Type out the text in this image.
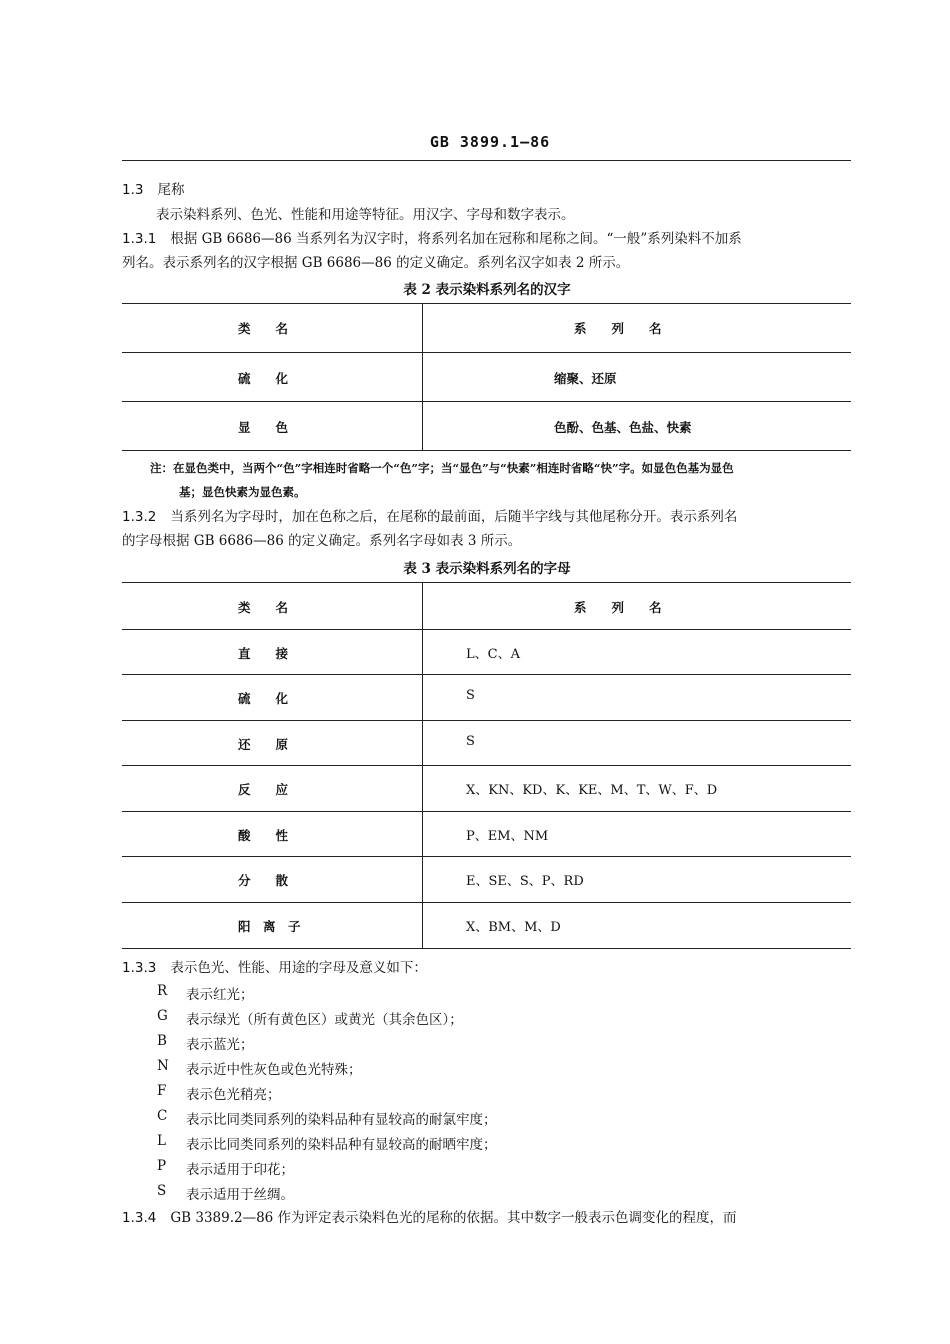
GB 3899.1—86
1.3 尾称
表示染料系列、色光、性能和用途等特征。用汉字、字母和数字表示。
1.3.1 根据 GB 6686—86 当系列名为汉字时，将系列名加在冠称和尾称之间。“一般”系列染料不加系
列名。表示系列名的汉字根据 GB 6686—86 的定义确定。系列名汉字如表 2 所示。
表 2 表示染料系列名的汉字
类　　名	系　　列　　名
硫　　化	缩聚、还原
显　　色	色酚、色基、色盐、快素
注：在显色类中，当两个“色”字相连时省略一个“色”字；当“显色”与“快素”相连时省略“快”字。如显色色基为显色
基；显色快素为显色素。
1.3.2 当系列名为字母时，加在色称之后，在尾称的最前面，后随半字线与其他尾称分开。表示系列名
的字母根据 GB 6686—86 的定义确定。系列名字母如表 3 所示。
表 3 表示染料系列名的字母
类　　名	系　　列　　名
直　　接	L、C、A
硫　　化	S
还　　原	S
反　　应	X、KN、KD、K、KE、M、T、W、F、D
酸　　性	P、EM、NM
分　　散	E、SE、S、P、RD
阳　离　子	X、BM、M、D
1.3.3 表示色光、性能、用途的字母及意义如下：
R 表示红光；
G 表示绿光（所有黄色区）或黄光（其余色区）；
B 表示蓝光；
N 表示近中性灰色或色光特殊；
F 表示色光稍亮；
C 表示比同类同系列的染料品种有显较高的耐氯牢度；
L 表示比同类同系列的染料品种有显较高的耐晒牢度；
P 表示适用于印花；
S 表示适用于丝绸。
1.3.4 GB 3389.2—86 作为评定表示染料色光的尾称的依据。其中数字一般表示色调变化的程度，而
